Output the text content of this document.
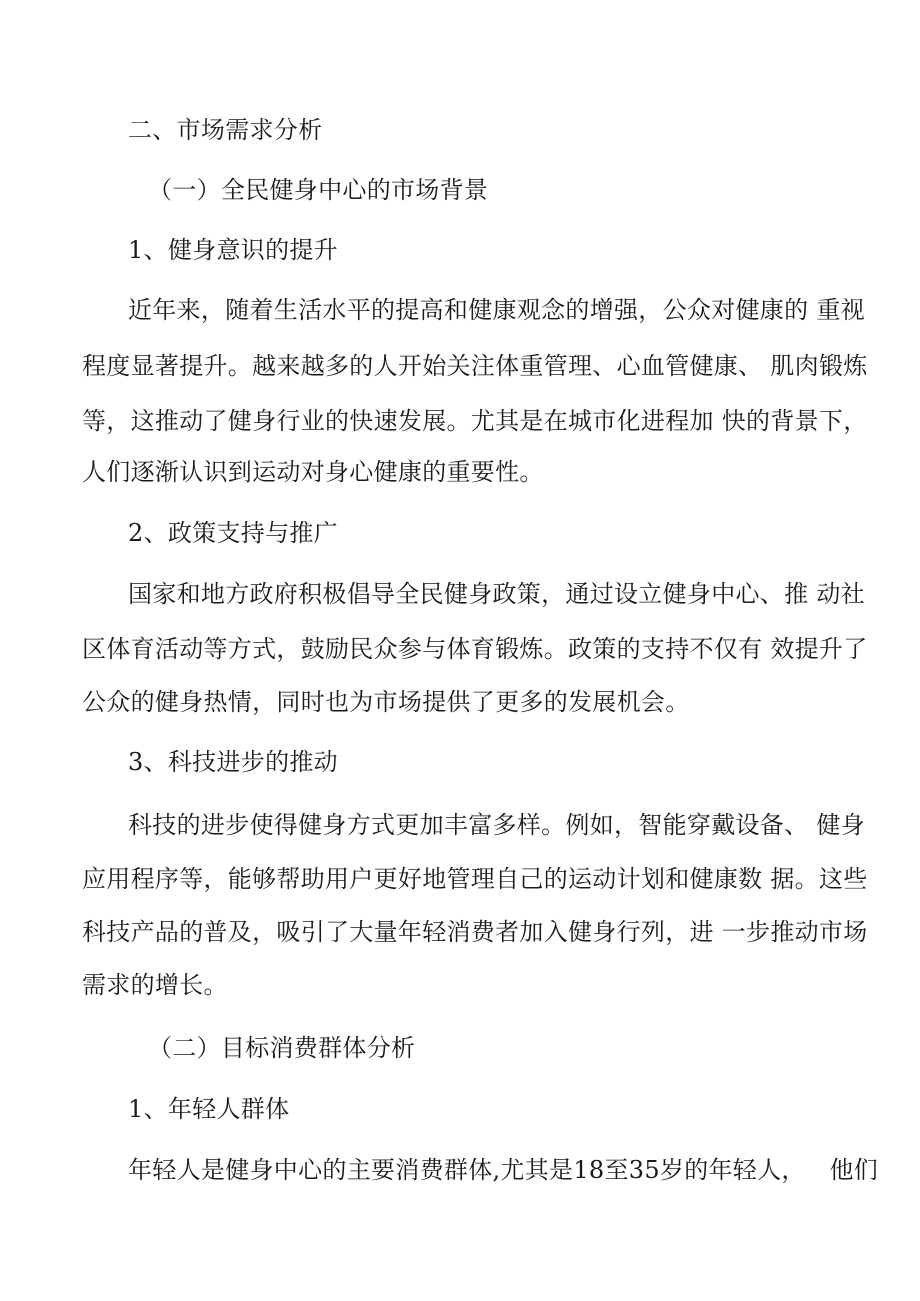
二、市场需求分析
（一）全民健身中心的市场背景
1、健身意识的提升
近年来，随着生活水平的提高和健康观念的增强，公众对健康的 重视
程度显著提升。越来越多的人开始关注体重管理、心血管健康、 肌肉锻炼
等，这推动了健身行业的快速发展。尤其是在城市化进程加 快的背景下，
人们逐渐认识到运动对身心健康的重要性。
2、政策支持与推广
国家和地方政府积极倡导全民健身政策，通过设立健身中心、推 动社
区体育活动等方式，鼓励民众参与体育锻炼。政策的支持不仅有 效提升了
公众的健身热情，同时也为市场提供了更多的发展机会。
3、科技进步的推动
科技的进步使得健身方式更加丰富多样。例如，智能穿戴设备、 健身
应用程序等，能够帮助用户更好地管理自己的运动计划和健康数 据。这些
科技产品的普及，吸引了大量年轻消费者加入健身行列，进 一步推动市场
需求的增长。
（二）目标消费群体分析
1、年轻人群体
年轻人是健身中心的主要消费群体,尤其是18至35岁的年轻人，   他们
